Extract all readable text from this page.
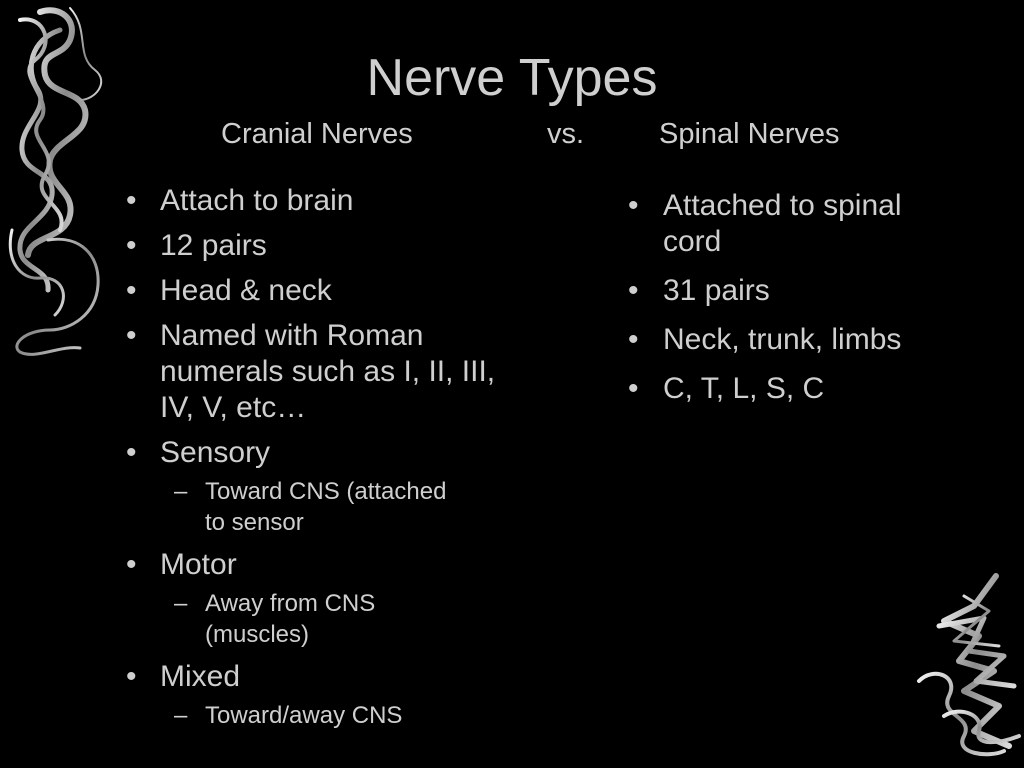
Nerve Types
Cranial Nerves	vs.	Spinal Nerves
• Attach to brain
• 12 pairs
• Head & neck
• Named with Roman numerals such as I, II, III, IV, V, etc…
• Sensory
– Toward CNS (attached to sensor
• Motor
– Away from CNS (muscles)
• Mixed
– Toward/away CNS
• Attached to spinal cord
• 31 pairs
• Neck, trunk, limbs
• C, T, L, S, C
